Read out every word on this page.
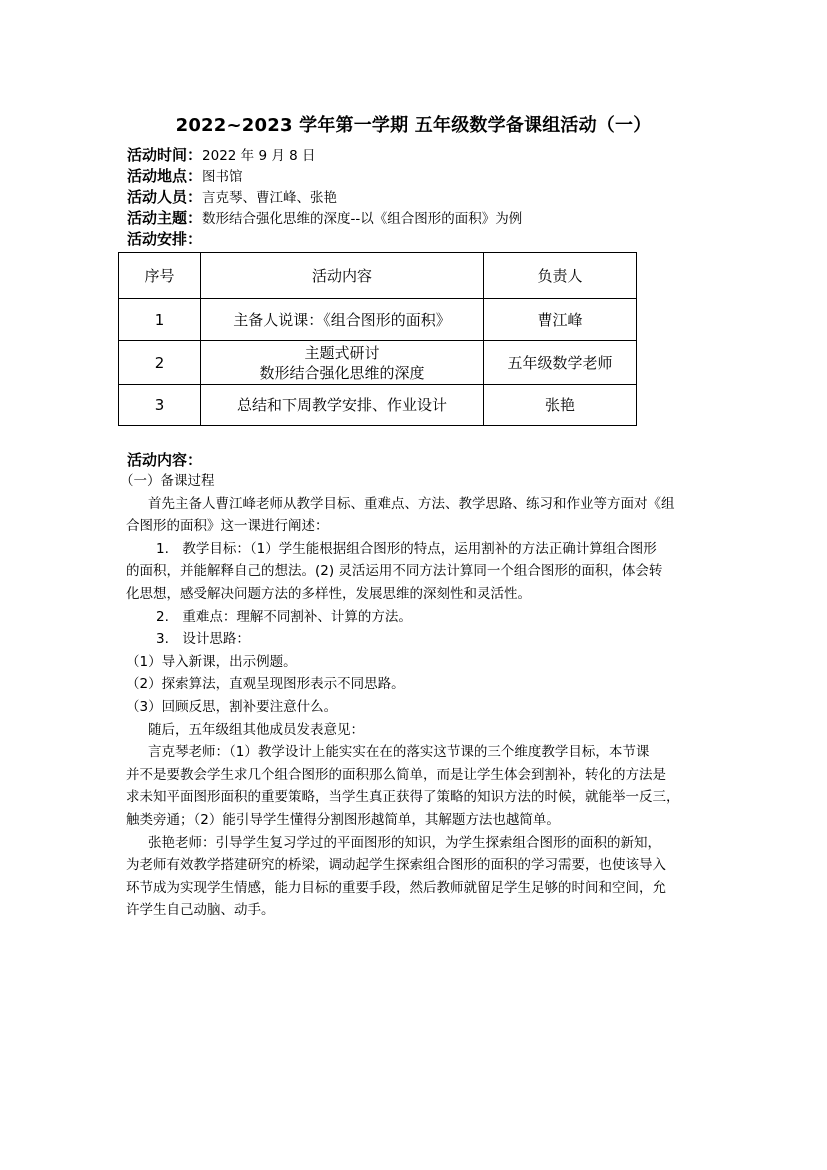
2022~2023 学年第一学期 五年级数学备课组活动（一）
活动时间：2022 年 9 月 8 日
活动地点：图书馆
活动人员：言克琴、曹江峰、张艳
活动主题：数形结合强化思维的深度--以《组合图形的面积》为例
活动安排：
序号	活动内容	负责人
1	主备人说课：《组合图形的面积》	曹江峰
2	主题式研讨
数形结合强化思维的深度	五年级数学老师
3	总结和下周教学安排、作业设计	张艳
活动内容：

（一）备课过程

首先主备人曹江峰老师从教学目标、重难点、方法、教学思路、练习和作业等方面对《组

合图形的面积》这一课进行阐述：

1.　教学目标：（1）学生能根据组合图形的特点，运用割补的方法正确计算组合图形

的面积，并能解释自己的想法。(2) 灵活运用不同方法计算同一个组合图形的面积，体会转

化思想，感受解决问题方法的多样性，发展思维的深刻性和灵活性。

2.　重难点：理解不同割补、计算的方法。

3.　设计思路：

（1）导入新课，出示例题。

（2）探索算法，直观呈现图形表示不同思路。

（3）回顾反思，割补要注意什么。

随后，五年级组其他成员发表意见：

言克琴老师：（1）教学设计上能实实在在的落实这节课的三个维度教学目标，本节课

并不是要教会学生求几个组合图形的面积那么简单，而是让学生体会到割补，转化的方法是

求未知平面图形面积的重要策略，当学生真正获得了策略的知识方法的时候，就能举一反三，

触类旁通；（2）能引导学生懂得分割图形越简单，其解题方法也越简单。

张艳老师：引导学生复习学过的平面图形的知识，为学生探索组合图形的面积的新知，

为老师有效教学搭建研究的桥梁，调动起学生探索组合图形的面积的学习需要，也使该导入

环节成为实现学生情感，能力目标的重要手段，然后教师就留足学生足够的时间和空间，允

许学生自己动脑、动手。
